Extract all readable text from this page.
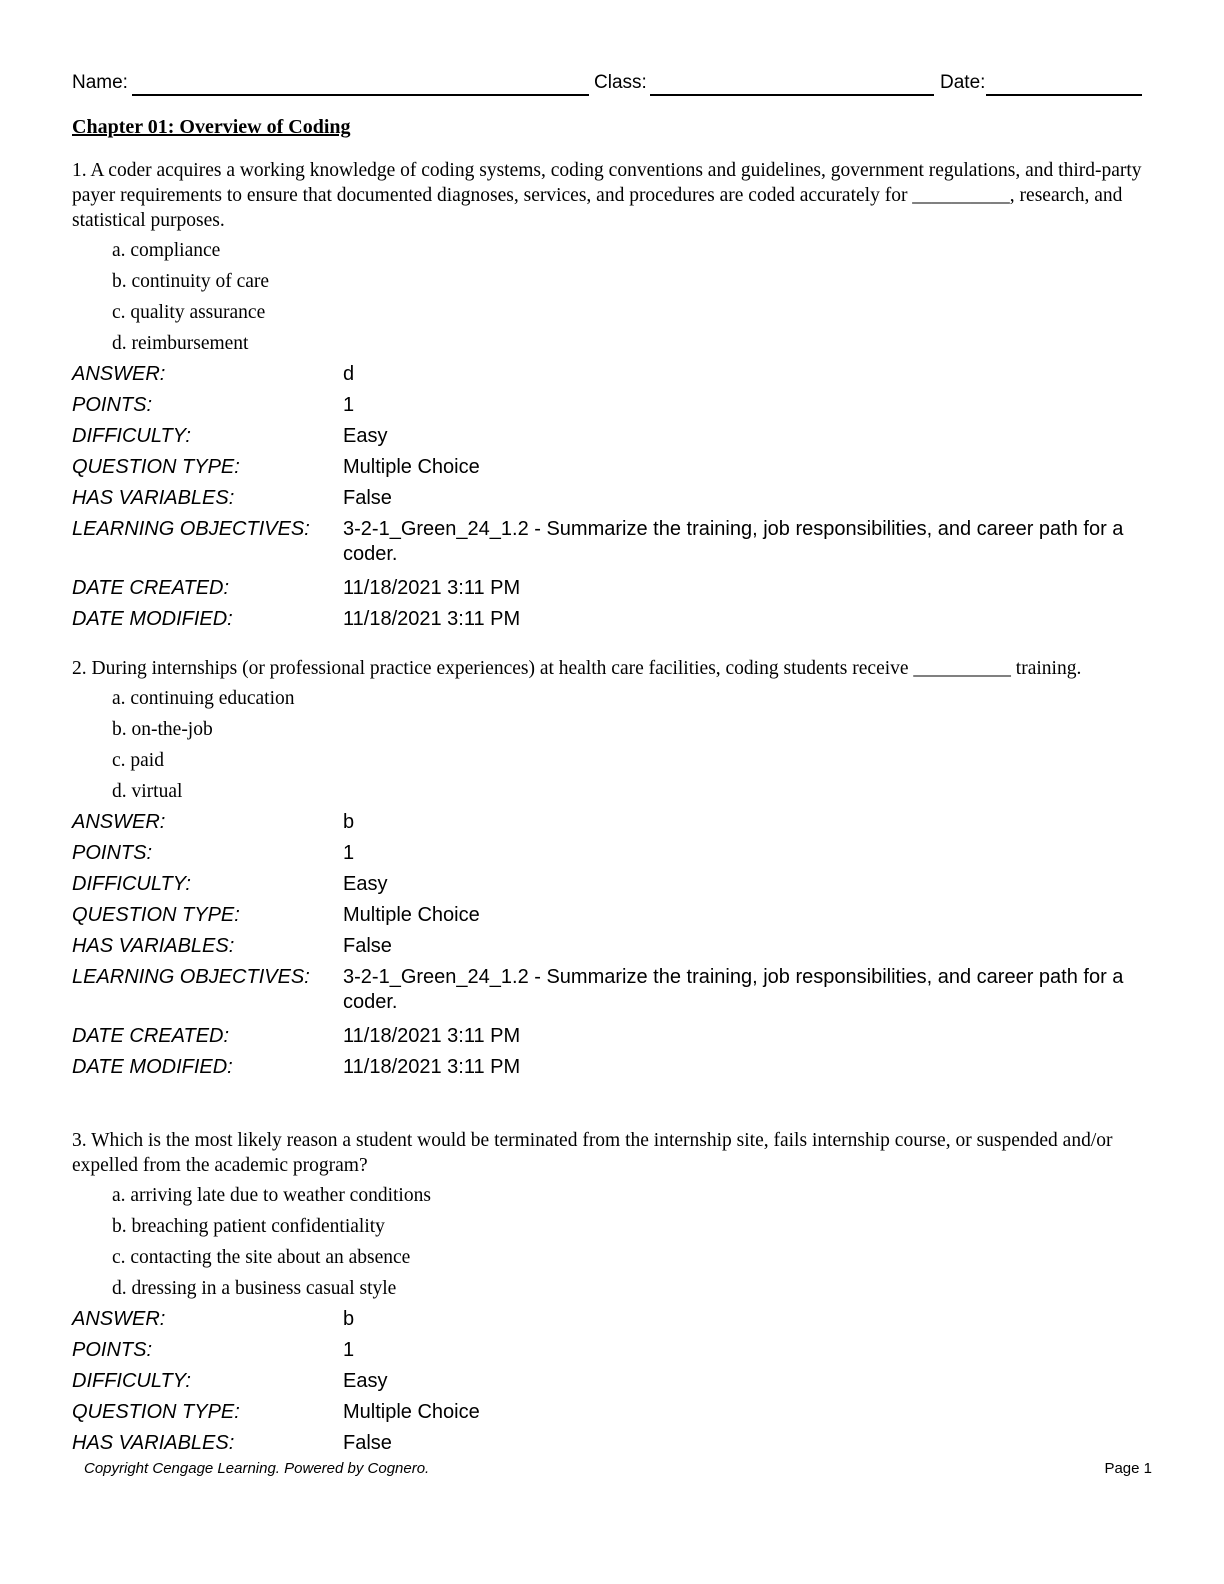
Name:	Class:	Date:
Chapter 01: Overview of Coding

1. A coder acquires a working knowledge of coding systems, coding conventions and guidelines, government regulations, and third-party payer requirements to ensure that documented diagnoses, services, and procedures are coded accurately for __________, research, and statistical purposes.

a. compliance
b. continuity of care
c. quality assurance
d. reimbursement
ANSWER:	d
POINTS:	1
DIFFICULTY:	Easy
QUESTION TYPE:	Multiple Choice
HAS VARIABLES:	False
LEARNING OBJECTIVES:	3-2-1_Green_24_1.2 - Summarize the training, job responsibilities, and career path for a coder.
DATE CREATED:	11/18/2021 3:11 PM
DATE MODIFIED:	11/18/2021 3:11 PM

2. During internships (or professional practice experiences) at health care facilities, coding students receive __________ training.

a. continuing education
b. on-the-job
c. paid
d. virtual
ANSWER:	b
POINTS:	1
DIFFICULTY:	Easy
QUESTION TYPE:	Multiple Choice
HAS VARIABLES:	False
LEARNING OBJECTIVES:	3-2-1_Green_24_1.2 - Summarize the training, job responsibilities, and career path for a coder.
DATE CREATED:	11/18/2021 3:11 PM
DATE MODIFIED:	11/18/2021 3:11 PM

3. Which is the most likely reason a student would be terminated from the internship site, fails internship course, or suspended and/or expelled from the academic program?

a. arriving late due to weather conditions
b. breaching patient confidentiality
c. contacting the site about an absence
d. dressing in a business casual style
ANSWER:	b
POINTS:	1
DIFFICULTY:	Easy
QUESTION TYPE:	Multiple Choice
HAS VARIABLES:	False
Copyright Cengage Learning. Powered by Cognero.	Page 1
